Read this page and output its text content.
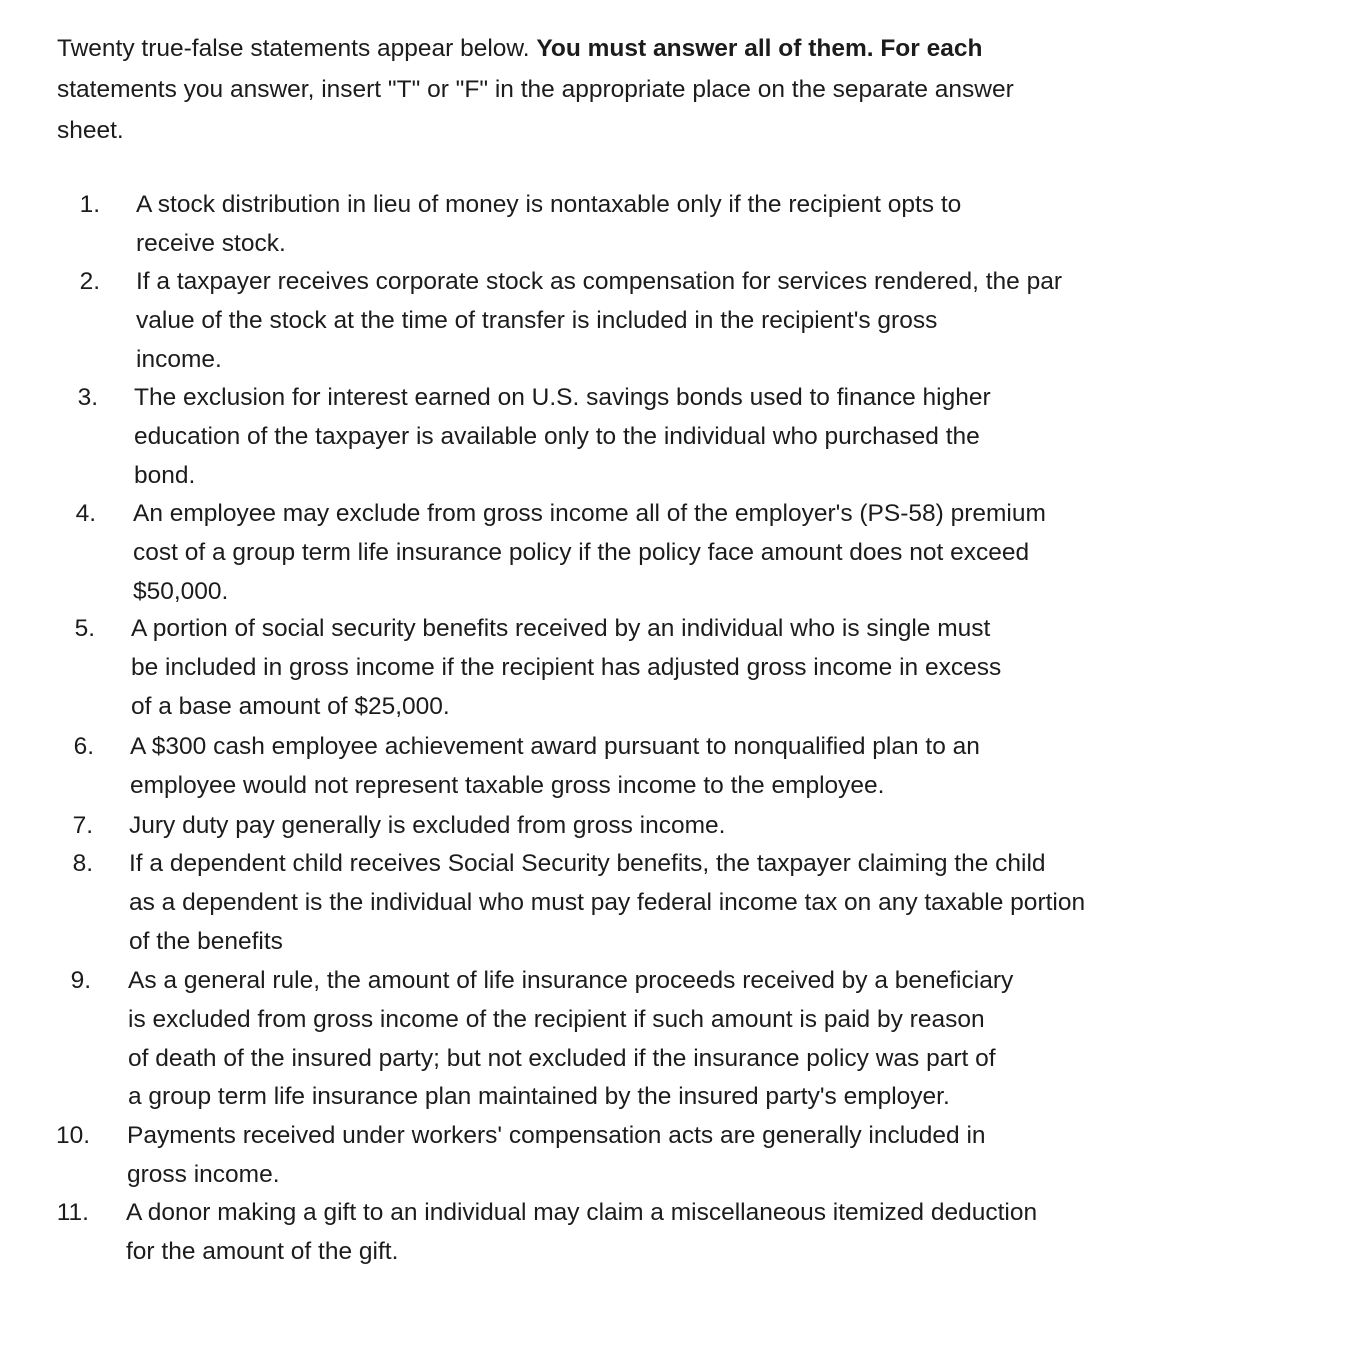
Twenty true-false statements appear below. You must answer all of them. For each
statements you answer, insert "T" or "F" in the appropriate place on the separate answer
sheet.
1. A stock distribution in lieu of money is nontaxable only if the recipient opts to
receive stock.
2. If a taxpayer receives corporate stock as compensation for services rendered, the par
value of the stock at the time of transfer is included in the recipient's gross
income.
3. The exclusion for interest earned on U.S. savings bonds used to finance higher
education of the taxpayer is available only to the individual who purchased the
bond.
4. An employee may exclude from gross income all of the employer's (PS-58) premium
cost of a group term life insurance policy if the policy face amount does not exceed
$50,000.
5. A portion of social security benefits received by an individual who is single must
be included in gross income if the recipient has adjusted gross income in excess
of a base amount of $25,000.
6. A $300 cash employee achievement award pursuant to nonqualified plan to an
employee would not represent taxable gross income to the employee.
7. Jury duty pay generally is excluded from gross income.
8. If a dependent child receives Social Security benefits, the taxpayer claiming the child
as a dependent is the individual who must pay federal income tax on any taxable portion
of the benefits
9. As a general rule, the amount of life insurance proceeds received by a beneficiary
is excluded from gross income of the recipient if such amount is paid by reason
of death of the insured party; but not excluded if the insurance policy was part of
a group term life insurance plan maintained by the insured party's employer.
10. Payments received under workers' compensation acts are generally included in
gross income.
11. A donor making a gift to an individual may claim a miscellaneous itemized deduction
for the amount of the gift.
